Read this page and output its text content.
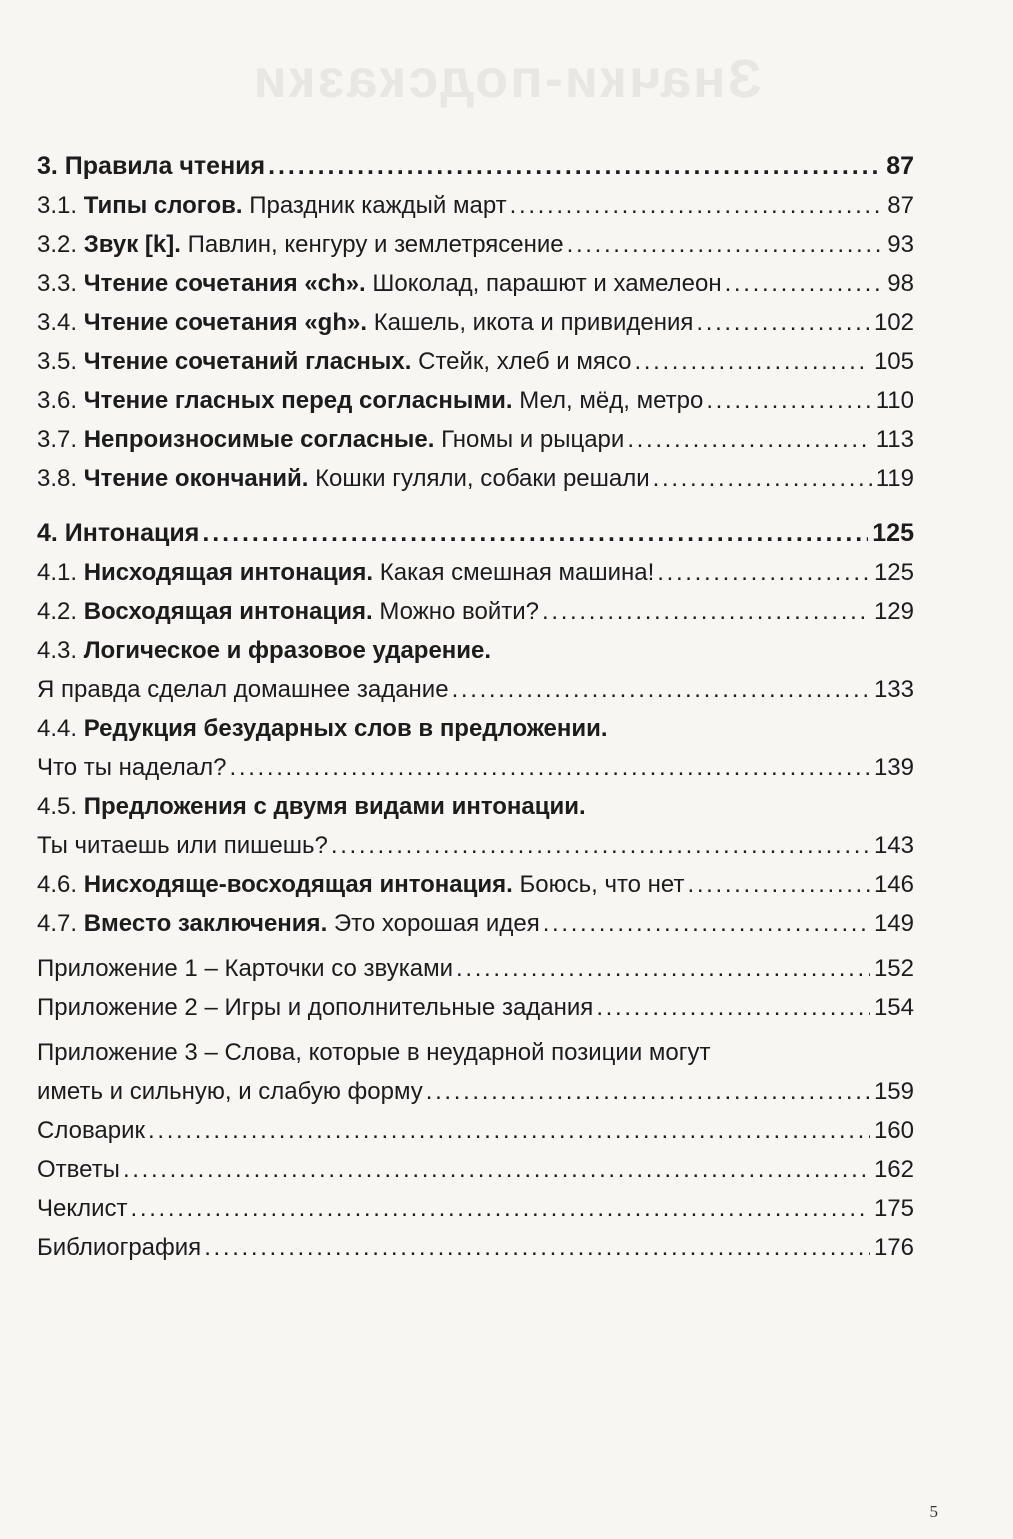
Значки-подсказки
3. Правила чтения . . .	87
3.1. Типы слогов. Праздник каждый март . . .	87
3.2. Звук [k]. Павлин, кенгуру и землетрясение . . .	93
3.3. Чтение сочетания «ch». Шоколад, парашют и хамелеон . . .	98
3.4. Чтение сочетания «gh». Кашель, икота и привидения . . .	102
3.5. Чтение сочетаний гласных. Стейк, хлеб и мясо . . .	105
3.6. Чтение гласных перед согласными. Мел, мёд, метро . . .	110
3.7. Непроизносимые согласные. Гномы и рыцари . . .	113
3.8. Чтение окончаний. Кошки гуляли, собаки решали . . .	119
4. Интонация . . .	125
4.1. Нисходящая интонация. Какая смешная машина! . . .	125
4.2. Восходящая интонация. Можно войти? . . .	129
4.3. Логическое и фразовое ударение.
Я правда сделал домашнее задание . . .	133
4.4. Редукция безударных слов в предложении.
Что ты наделал? . . .	139
4.5. Предложения с двумя видами интонации.
Ты читаешь или пишешь? . . .	143
4.6. Нисходяще-восходящая интонация. Боюсь, что нет . . .	146
4.7. Вместо заключения. Это хорошая идея . . .	149
Приложение 1 – Карточки со звуками . . .	152
Приложение 2 – Игры и дополнительные задания . . .	154
Приложение 3 – Слова, которые в неударной позиции могут
иметь и сильную, и слабую форму . . .	159
Словарик . . .	160
Ответы . . .	162
Чеклист . . .	175
Библиография . . .	176
5
